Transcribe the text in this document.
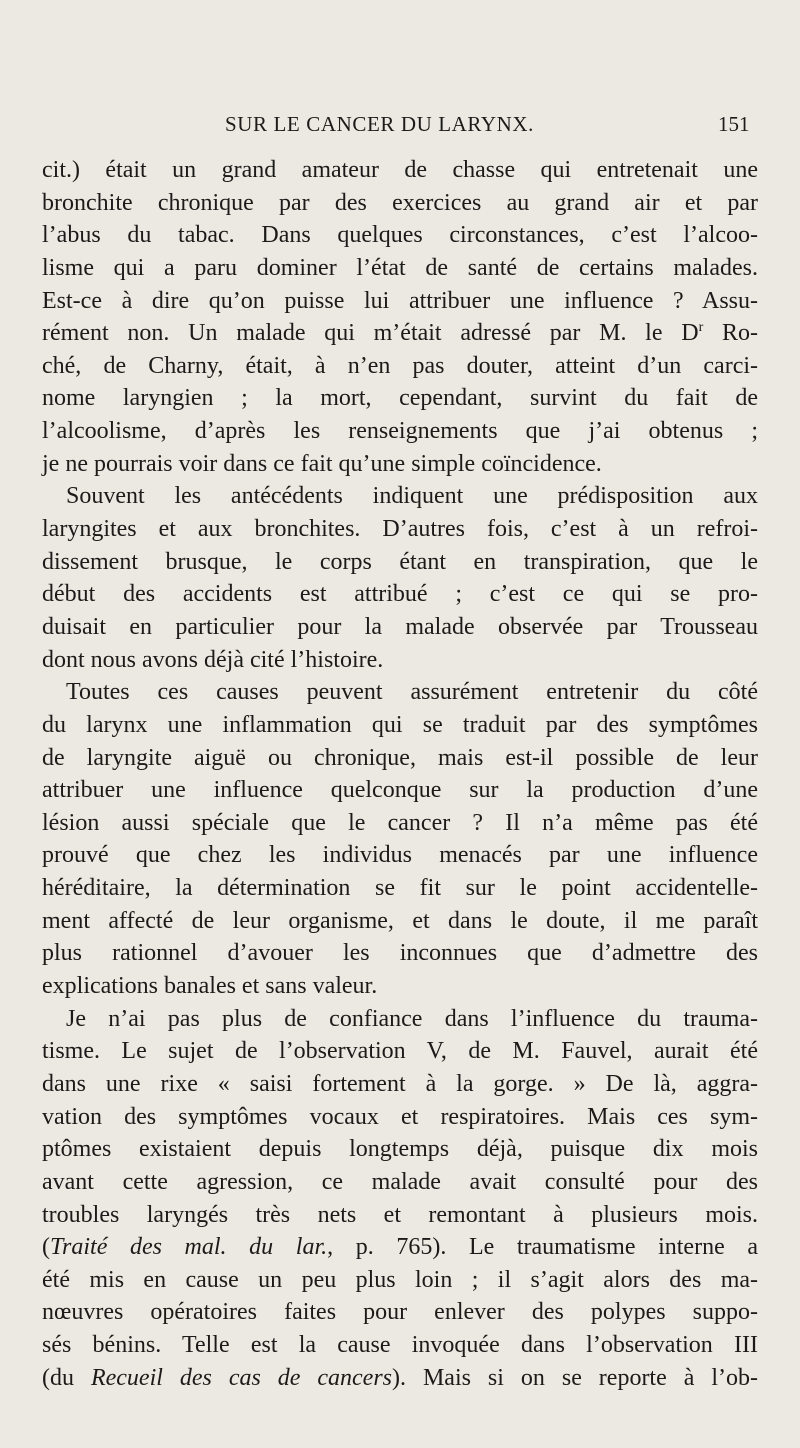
SUR LE CANCER DU LARYNX.	151
cit.) était un grand amateur de chasse qui entretenait une
bronchite chronique par des exercices au grand air et par
l’abus du tabac. Dans quelques circonstances, c’est l’alcoo-
lisme qui a paru dominer l’état de santé de certains malades.
Est-ce à dire qu’on puisse lui attribuer une influence ? Assu-
rément non. Un malade qui m’était adressé par M. le $D^r$ Ro-
ché, de Charny, était, à n’en pas douter, atteint d’un carci-
nome laryngien ; la mort, cependant, survint du fait de
l’alcoolisme, d’après les renseignements que j’ai obtenus ;
je ne pourrais voir dans ce fait qu’une simple coïncidence.
Souvent les antécédents indiquent une prédisposition aux
laryngites et aux bronchites. D’autres fois, c’est à un refroi-
dissement brusque, le corps étant en transpiration, que le
début des accidents est attribué ; c’est ce qui se pro-
duisait en particulier pour la malade observée par Trousseau
dont nous avons déjà cité l’histoire.
Toutes ces causes peuvent assurément entretenir du côté
du larynx une inflammation qui se traduit par des symptômes
de laryngite aiguë ou chronique, mais est-il possible de leur
attribuer une influence quelconque sur la production d’une
lésion aussi spéciale que le cancer ? Il n’a même pas été
prouvé que chez les individus menacés par une influence
héréditaire, la détermination se fit sur le point accidentelle-
ment affecté de leur organisme, et dans le doute, il me paraît
plus rationnel d’avouer les inconnues que d’admettre des
explications banales et sans valeur.
Je n’ai pas plus de confiance dans l’influence du trauma-
tisme. Le sujet de l’observation V, de M. Fauvel, aurait été
dans une rixe « saisi fortement à la gorge. » De là, aggra-
vation des symptômes vocaux et respiratoires. Mais ces sym-
ptômes existaient depuis longtemps déjà, puisque dix mois
avant cette agression, ce malade avait consulté pour des
troubles laryngés très nets et remontant à plusieurs mois.
(Traité des mal. du lar., p. 765). Le traumatisme interne a
été mis en cause un peu plus loin ; il s’agit alors des ma-
nœuvres opératoires faites pour enlever des polypes suppo-
sés bénins. Telle est la cause invoquée dans l’observation III
(du Recueil des cas de cancers). Mais si on se reporte à l’ob-
